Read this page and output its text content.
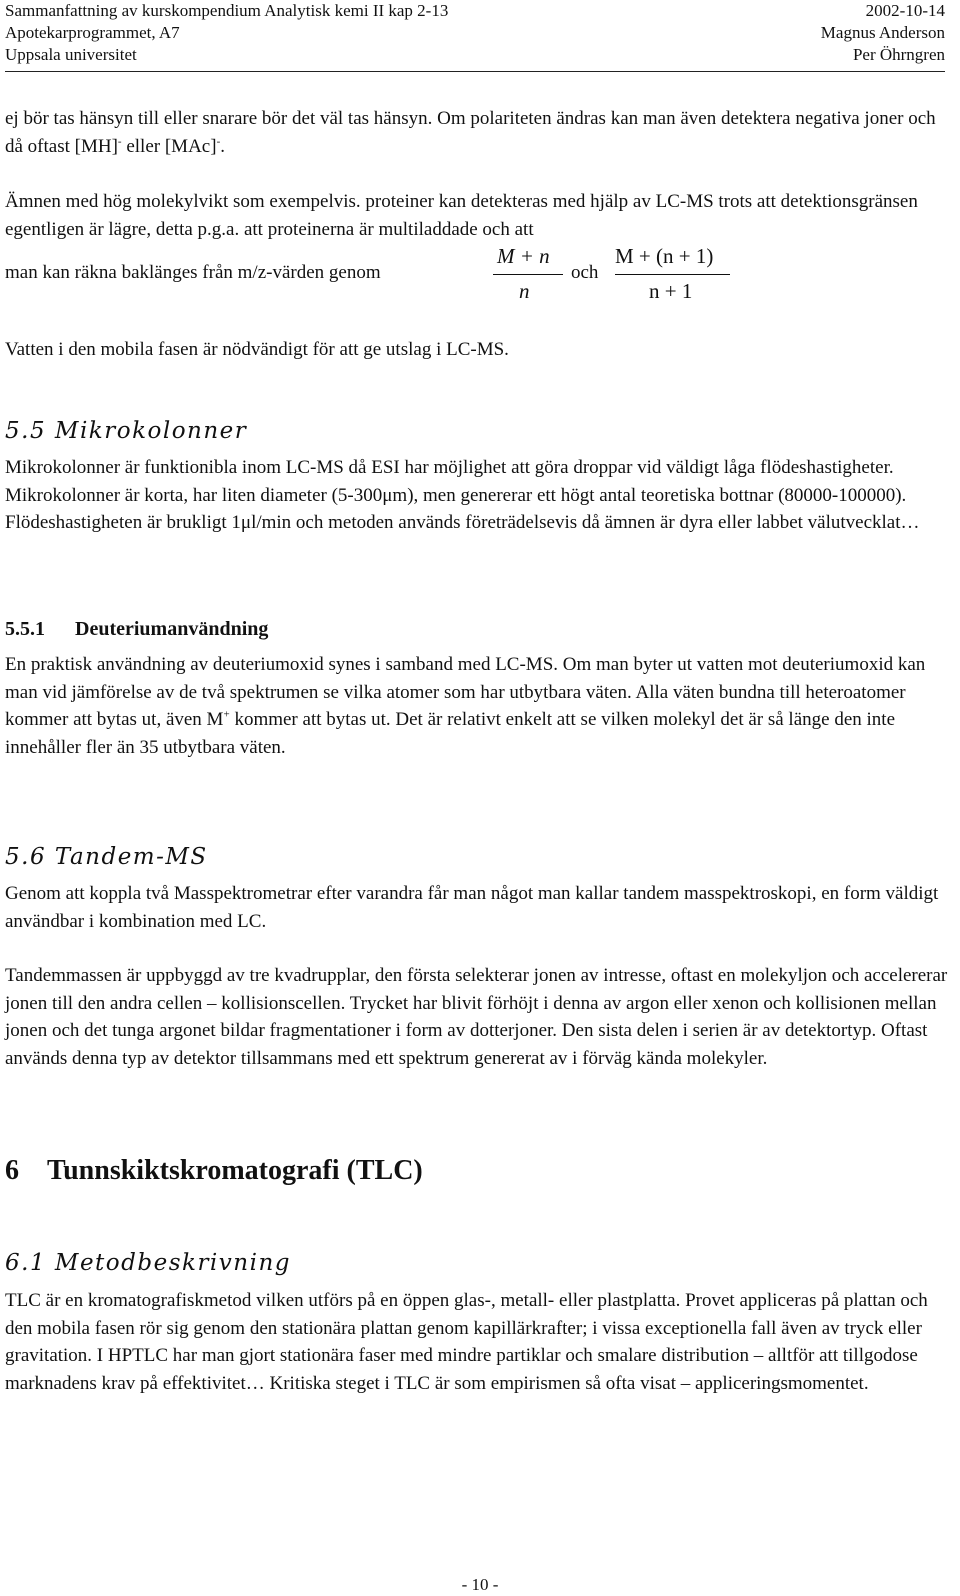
Sammanfattning av kurskompendium Analytisk kemi II kap 2-13	2002-10-14
Apotekarprogrammet, A7	Magnus Anderson
Uppsala universitet	Per Öhrngren

ej bör tas hänsyn till eller snarare bör det väl tas hänsyn. Om polariteten ändras kan man även detektera negativa joner och då oftast [MH]- eller [MAc]-.

Ämnen med hög molekylvikt som exempelvis. proteiner kan detekteras med hjälp av LC-MS trots att detektionsgränsen egentligen är lägre, detta p.g.a. att proteinerna är multiladdade och att

man kan räkna baklänges från m/z-värden genom
M + n
n
och
M + (n + 1)
n + 1

Vatten i den mobila fasen är nödvändigt för att ge utslag i LC-MS.

5.5 Mikrokolonner

Mikrokolonner är funktionibla inom LC-MS då ESI har möjlighet att göra droppar vid väldigt låga flödeshastigheter. Mikrokolonner är korta, har liten diameter (5-300μm), men genererar ett högt antal teoretiska bottnar (80000-100000). Flödeshastigheten är brukligt 1μl/min och metoden används företrädelsevis då ämnen är dyra eller labbet välutvecklat…

5.5.1 Deuteriumanvändning

En praktisk användning av deuteriumoxid synes i samband med LC-MS. Om man byter ut vatten mot deuteriumoxid kan man vid jämförelse av de två spektrumen se vilka atomer som har utbytbara väten. Alla väten bundna till heteroatomer kommer att bytas ut, även M+ kommer att bytas ut. Det är relativt enkelt att se vilken molekyl det är så länge den inte innehåller fler än 35 utbytbara väten.

5.6 Tandem-MS

Genom att koppla två Masspektrometrar efter varandra får man något man kallar tandem masspektroskopi, en form väldigt användbar i kombination med LC.

Tandemmassen är uppbyggd av tre kvadrupplar, den första selekterar jonen av intresse, oftast en molekyljon och accelererar jonen till den andra cellen – kollisionscellen. Trycket har blivit förhöjt i denna av argon eller xenon och kollisionen mellan jonen och det tunga argonet bildar fragmentationer i form av dotterjoner. Den sista delen i serien är av detektortyp. Oftast används denna typ av detektor tillsammans med ett spektrum genererat av i förväg kända molekyler.

6 Tunnskiktskromatografi (TLC)
6.1 Metodbeskrivning

TLC är en kromatografiskmetod vilken utförs på en öppen glas-, metall- eller plastplatta. Provet appliceras på plattan och den mobila fasen rör sig genom den stationära plattan genom kapillärkrafter; i vissa exceptionella fall även av tryck eller gravitation. I HPTLC har man gjort stationära faser med mindre partiklar och smalare distribution – alltför att tillgodose marknadens krav på effektivitet… Kritiska steget i TLC är som empirismen så ofta visat – appliceringsmomentet.

- 10 -
